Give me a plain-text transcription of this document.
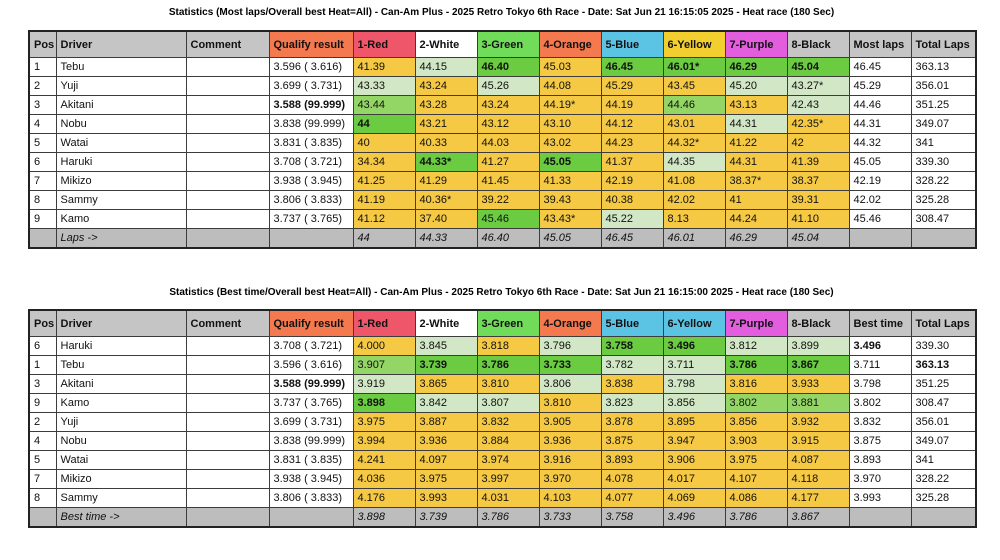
Statistics (Most laps/Overall best Heat=All) - Can-Am Plus - 2025 Retro Tokyo 6th Race - Date: Sat Jun 21 16:15:05 2025 - Heat race (180 Sec)
Pos	Driver	Comment	Qualify result	1-Red	2-White	3-Green	4-Orange	5-Blue	6-Yellow	7-Purple	8-Black	Most laps	Total Laps
1	Tebu		3.596 ( 3.616)	41.39	44.15	46.40	45.03	46.45	46.01*	46.29	45.04	46.45	363.13
2	Yuji		3.699 ( 3.731)	43.33	43.24	45.26	44.08	45.29	43.45	45.20	43.27*	45.29	356.01
3	Akitani		3.588 (99.999)	43.44	43.28	43.24	44.19*	44.19	44.46	43.13	42.43	44.46	351.25
4	Nobu		3.838 (99.999)	44	43.21	43.12	43.10	44.12	43.01	44.31	42.35*	44.31	349.07
5	Watai		3.831 ( 3.835)	40	40.33	44.03	43.02	44.23	44.32*	41.22	42	44.32	341
6	Haruki		3.708 ( 3.721)	34.34	44.33*	41.27	45.05	41.37	44.35	44.31	41.39	45.05	339.30
7	Mikizo		3.938 ( 3.945)	41.25	41.29	41.45	41.33	42.19	41.08	38.37*	38.37	42.19	328.22
8	Sammy		3.806 ( 3.833)	41.19	40.36*	39.22	39.43	40.38	42.02	41	39.31	42.02	325.28
9	Kamo		3.737 ( 3.765)	41.12	37.40	45.46	43.43*	45.22	8.13	44.24	41.10	45.46	308.47
	Laps ->			44	44.33	46.40	45.05	46.45	46.01	46.29	45.04		
Statistics (Best time/Overall best Heat=All) - Can-Am Plus - 2025 Retro Tokyo 6th Race - Date: Sat Jun 21 16:15:00 2025 - Heat race (180 Sec)
Pos	Driver	Comment	Qualify result	1-Red	2-White	3-Green	4-Orange	5-Blue	6-Yellow	7-Purple	8-Black	Best time	Total Laps
6	Haruki		3.708 ( 3.721)	4.000	3.845	3.818	3.796	3.758	3.496	3.812	3.899	3.496	339.30
1	Tebu		3.596 ( 3.616)	3.907	3.739	3.786	3.733	3.782	3.711	3.786	3.867	3.711	363.13
3	Akitani		3.588 (99.999)	3.919	3.865	3.810	3.806	3.838	3.798	3.816	3.933	3.798	351.25
9	Kamo		3.737 ( 3.765)	3.898	3.842	3.807	3.810	3.823	3.856	3.802	3.881	3.802	308.47
2	Yuji		3.699 ( 3.731)	3.975	3.887	3.832	3.905	3.878	3.895	3.856	3.932	3.832	356.01
4	Nobu		3.838 (99.999)	3.994	3.936	3.884	3.936	3.875	3.947	3.903	3.915	3.875	349.07
5	Watai		3.831 ( 3.835)	4.241	4.097	3.974	3.916	3.893	3.906	3.975	4.087	3.893	341
7	Mikizo		3.938 ( 3.945)	4.036	3.975	3.997	3.970	4.078	4.017	4.107	4.118	3.970	328.22
8	Sammy		3.806 ( 3.833)	4.176	3.993	4.031	4.103	4.077	4.069	4.086	4.177	3.993	325.28
	Best time ->			3.898	3.739	3.786	3.733	3.758	3.496	3.786	3.867		
